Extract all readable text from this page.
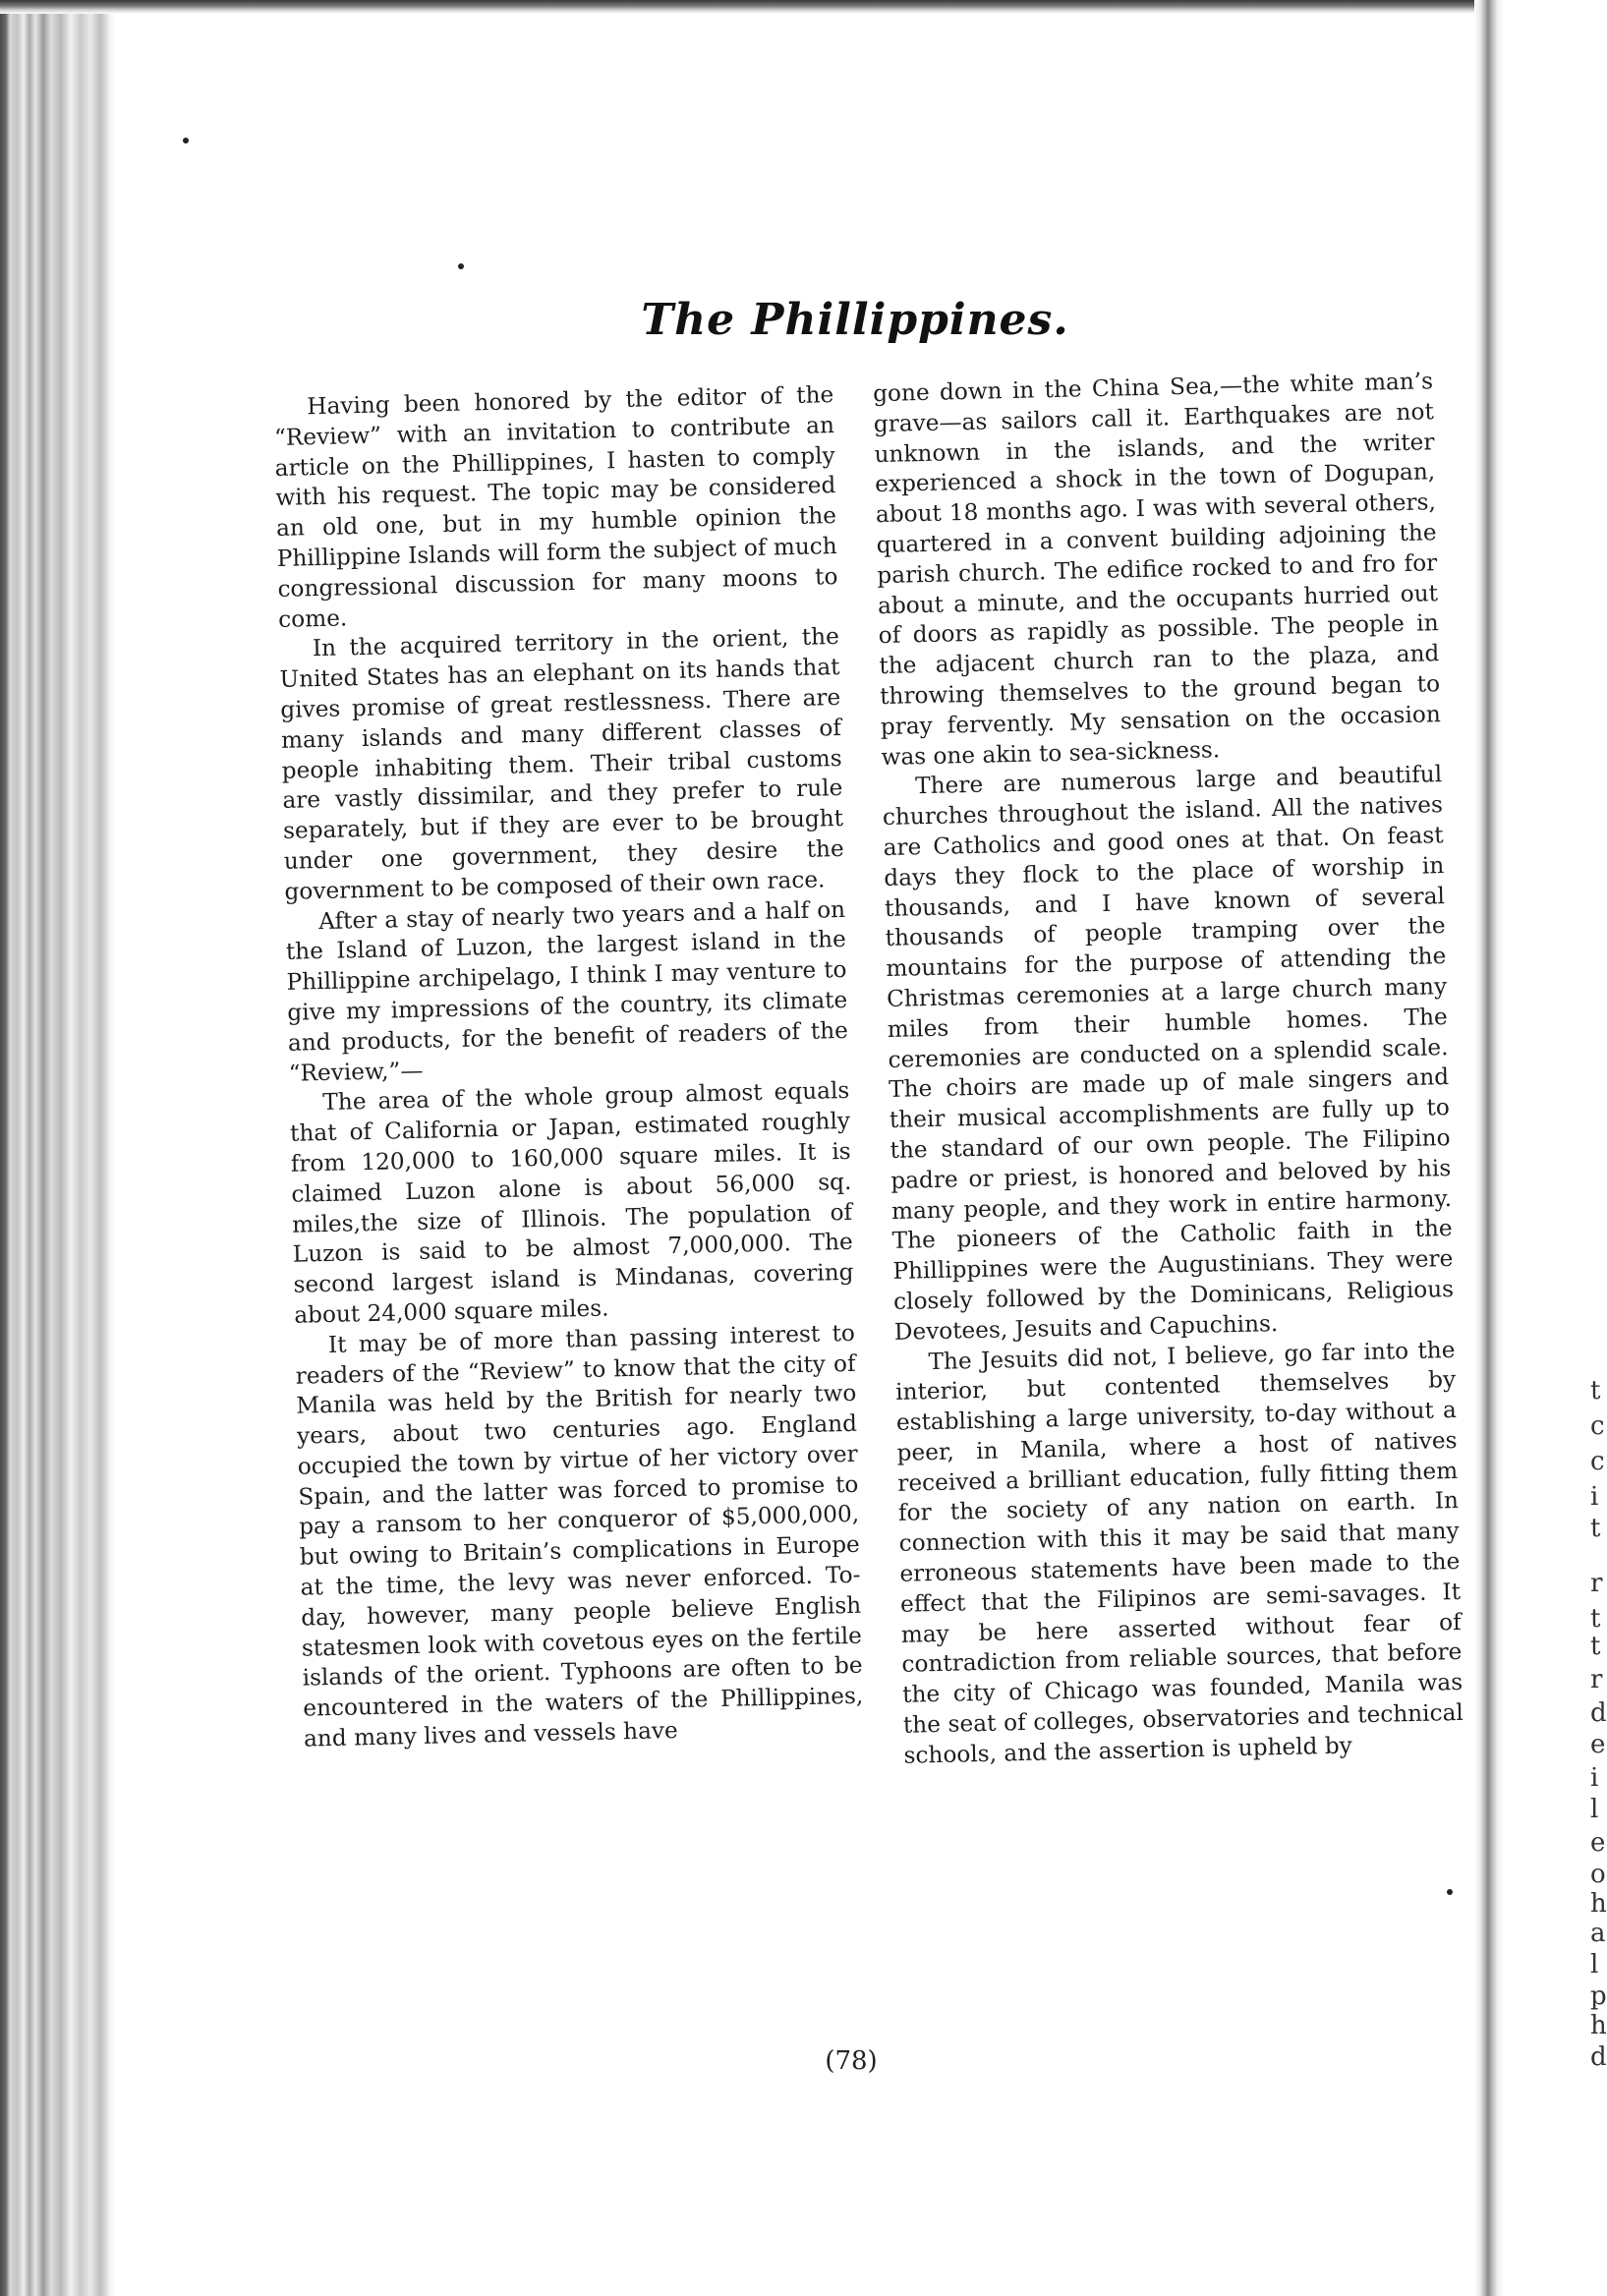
t
c
c
i
t
r
t
t
r
d
e
i
l
e
o
h
a
l
p
h
d
The Phillippines.

Having been honored by the editor of the “Review” with an invitation to contribute an article on the Phillippines, I hasten to comply with his request. The topic may be considered an old one, but in my humble opinion the Phillippine Islands will form the subject of much congressional discussion for many moons to come.

In the acquired territory in the orient, the United States has an elephant on its hands that gives promise of great restlessness. There are many islands and many different classes of people inhabiting them. Their tribal customs are vastly dissimilar, and they prefer to rule separately, but if they are ever to be brought under one government, they desire the government to be composed of their own race.

After a stay of nearly two years and a half on the Island of Luzon, the largest island in the Phillippine archipelago, I think I may venture to give my impressions of the country, its climate and products, for the benefit of readers of the “Review,”—

The area of the whole group almost equals that of California or Japan, estimated roughly from 120,000 to 160,000 square miles. It is claimed Luzon alone is about 56,000 sq. miles,the size of Illinois. The population of Luzon is said to be almost 7,000,000. The second largest island is Mindanas, covering about 24,000 square miles.

It may be of more than passing interest to readers of the “Review” to know that the city of Manila was held by the British for nearly two years, about two centuries ago. England occupied the town by virtue of her victory over Spain, and the latter was forced to promise to pay a ransom to her conqueror of $5,000,000, but owing to Britain’s complications in Europe at the time, the levy was never enforced. To-day, however, many people believe English statesmen look with covetous eyes on the fertile islands of the orient. Typhoons are often to be encountered in the waters of the Phillippines, and many lives and vessels have

gone down in the China Sea,—the white man’s grave—as sailors call it. Earthquakes are not unknown in the islands, and the writer experienced a shock in the town of Dogupan, about 18 months ago. I was with several others, quartered in a convent building adjoining the parish church. The edifice rocked to and fro for about a minute, and the occupants hurried out of doors as rapidly as possible. The people in the adjacent church ran to the plaza, and throwing themselves to the ground began to pray fervently. My sensation on the occasion was one akin to sea-sickness.

There are numerous large and beautiful churches throughout the island. All the natives are Catholics and good ones at that. On feast days they flock to the place of worship in thousands, and I have known of several thousands of people tramping over the mountains for the purpose of attending the Christmas ceremonies at a large church many miles from their humble homes. The ceremonies are conducted on a splendid scale. The choirs are made up of male singers and their musical accomplishments are fully up to the standard of our own people. The Filipino padre or priest, is honored and beloved by his many people, and they work in entire harmony. The pioneers of the Catholic faith in the Phillippines were the Augustinians. They were closely followed by the Dominicans, Religious Devotees, Jesuits and Capuchins.

The Jesuits did not, I believe, go far into the interior, but contented themselves by establishing a large university, to-day without a peer, in Manila, where a host of natives received a brilliant education, fully fitting them for the society of any nation on earth. In connection with this it may be said that many erroneous statements have been made to the effect that the Filipinos are semi-savages. It may be here asserted without fear of contradiction from reliable sources, that before the city of Chicago was founded, Manila was the seat of colleges, observatories and technical schools, and the assertion is upheld by

(78)
